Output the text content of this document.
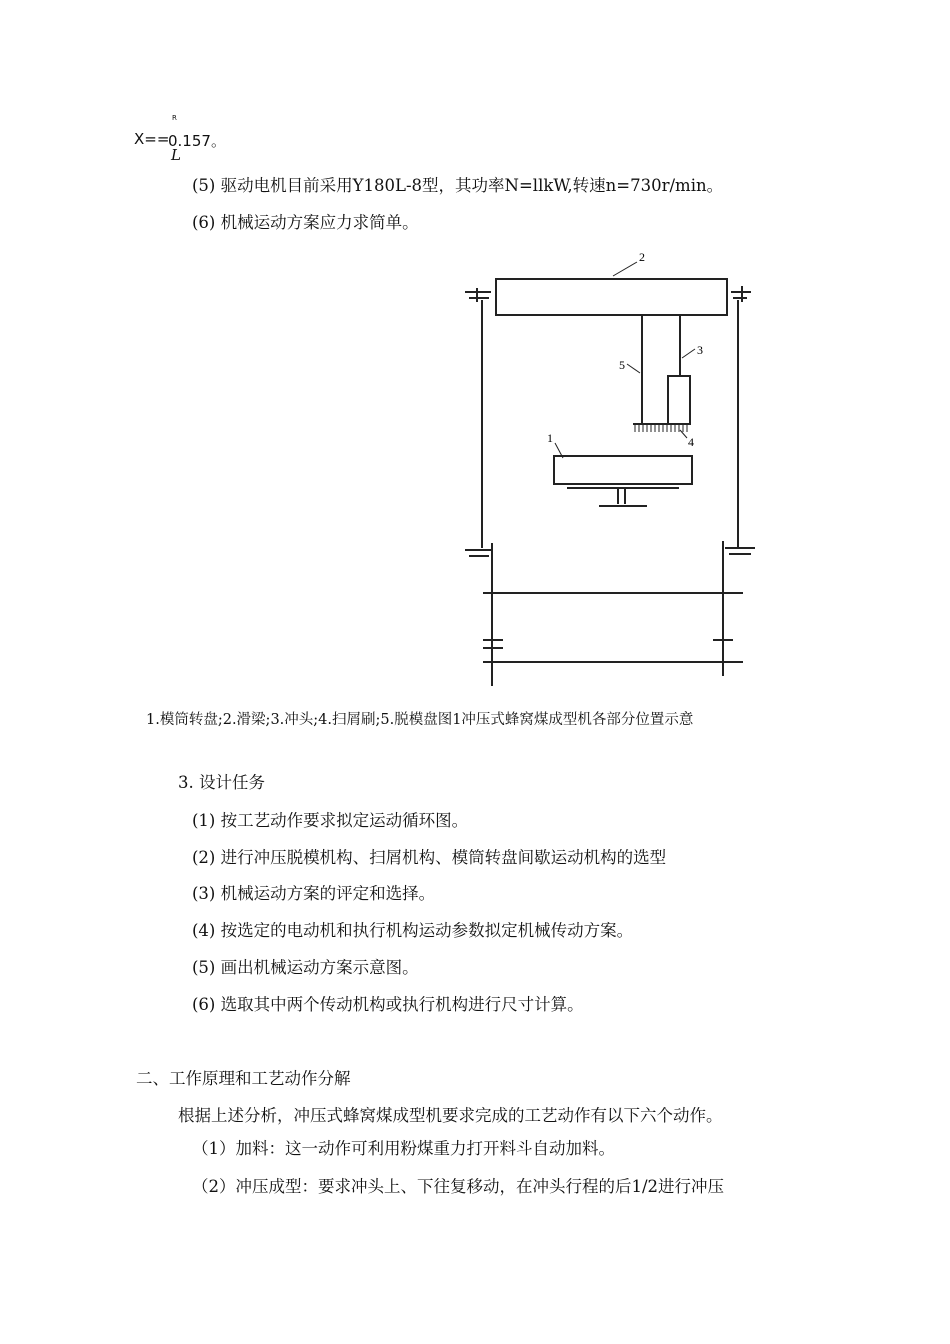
R
X==
0.157。
L
(5) 驱动电机目前采用Y180L-8型，其功率N=llkW,转速n=730r/min。
(6) 机械运动方案应力求简单。
2
3
5
4
1
1.模筒转盘;2.滑梁;3.冲头;4.扫屑刷;5.脱模盘图1冲压式蜂窝煤成型机各部分位置示意
3. 设计任务
(1) 按工艺动作要求拟定运动循环图。
(2) 进行冲压脱模机构、扫屑机构、模筒转盘间歇运动机构的选型
(3) 机械运动方案的评定和选择。
(4) 按选定的电动机和执行机构运动参数拟定机械传动方案。
(5) 画出机械运动方案示意图。
(6) 选取其中两个传动机构或执行机构进行尺寸计算。
二、工作原理和工艺动作分解
根据上述分析，冲压式蜂窝煤成型机要求完成的工艺动作有以下六个动作。
（1）加料：这一动作可利用粉煤重力打开料斗自动加料。
（2）冲压成型：要求冲头上、下往复移动，在冲头行程的后1/2进行冲压
